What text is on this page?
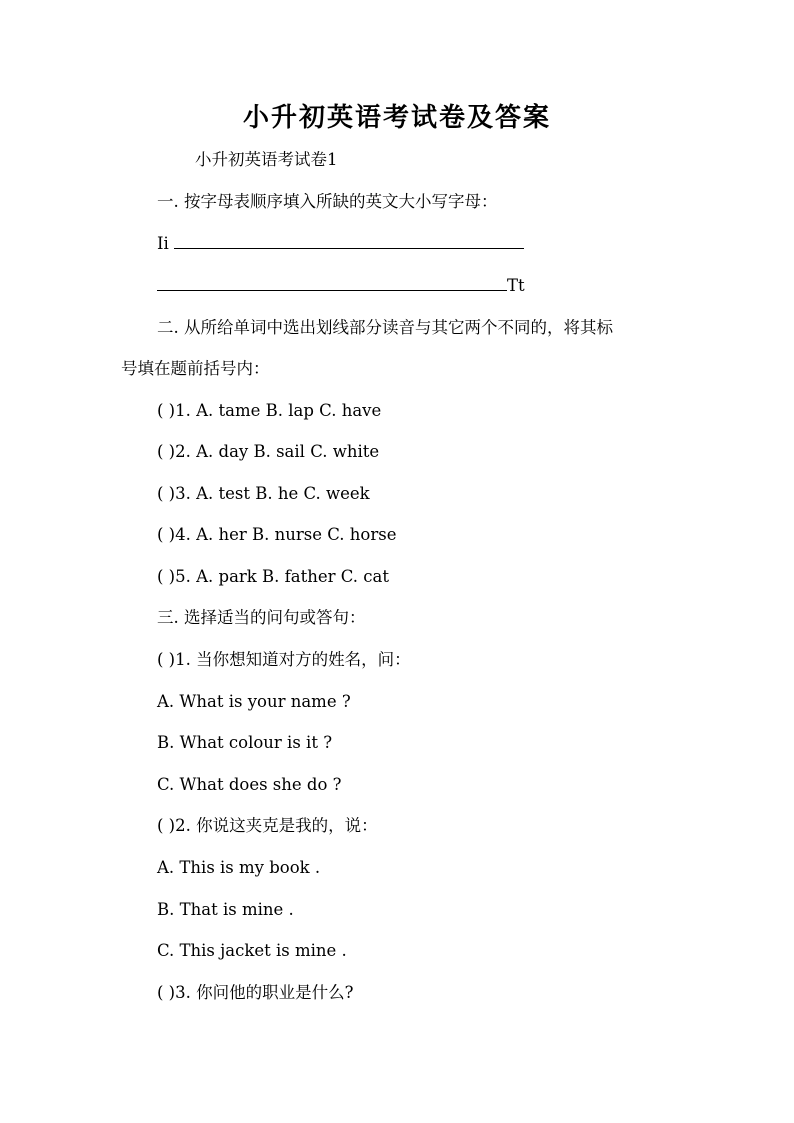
小升初英语考试卷及答案
小升初英语考试卷1
一. 按字母表顺序填入所缺的英文大小写字母：
Ii
Tt
二. 从所给单词中选出划线部分读音与其它两个不同的，将其标
号填在题前括号内：
( )1. A. tame B. lap C. have
( )2. A. day B. sail C. white
( )3. A. test B. he C. week
( )4. A. her B. nurse C. horse
( )5. A. park B. father C. cat
三. 选择适当的问句或答句：
( )1. 当你想知道对方的姓名，问：
A. What is your name ?
B. What colour is it ?
C. What does she do ?
( )2. 你说这夹克是我的，说：
A. This is my book .
B. That is mine .
C. This jacket is mine .
( )3. 你问他的职业是什么?
